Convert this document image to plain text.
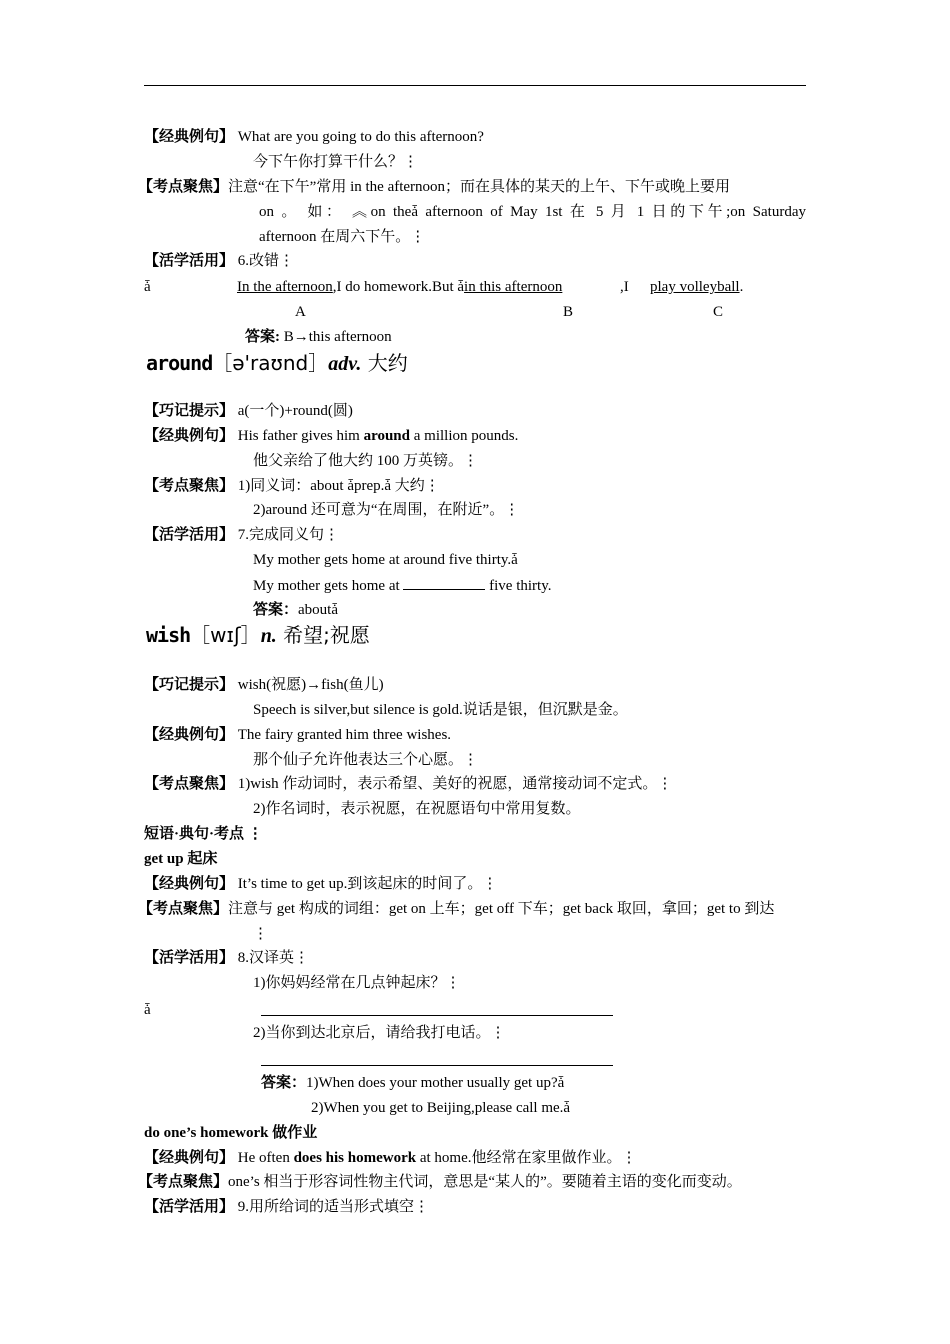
【经典例句】 What are you going to do this afternoon?
今下午你打算干什么？⋮
【考点聚焦】注意“在下午”常用 in the afternoon；而在具体的某天的上午、下午或晚上要用
on 。 如： ︽on theǡ afternoon of May 1st 在 5 月 1 日的下午;on Saturday
afternoon 在周六下午。⋮
【活学活用】 6.改错⋮
ǡ	In the afternoon,I do homework.But ǡin this afternoon	,I play volleyball.
A	B	C
答案: B→this afternoon
around［ə'raʊnd］adv. 大约
【巧记提示】 a(一个)+round(圆)
【经典例句】 His father gives him around a million pounds.
他父亲给了他大约 100 万英镑。⋮
【考点聚焦】 1)同义词：about ǡprep.ǡ 大约⋮
2)around 还可意为“在周围，在附近”。⋮
【活学活用】 7.完成同义句⋮
My mother gets home at around five thirty.ǡ
My mother gets home at	five thirty.
答案：aboutǡ
wish［wɪʃ］n. 希望;祝愿
【巧记提示】 wish(祝愿)→fish(鱼儿)
Speech is silver,but silence is gold.说话是银，但沉默是金。
【经典例句】 The fairy granted him three wishes.
那个仙子允许他表达三个心愿。⋮
【考点聚焦】 1)wish 作动词时，表示希望、美好的祝愿，通常接动词不定式。⋮
2)作名词时，表示祝愿，在祝愿语句中常用复数。
短语·典句·考点 ⋮
get up 起床
【经典例句】 It’s time to get up.到该起床的时间了。⋮
【考点聚焦】注意与 get 构成的词组：get on 上车；get off 下车；get back 取回，拿回；get to 到达
⋮
【活学活用】 8.汉译英⋮
1)你妈妈经常在几点钟起床？⋮
ǡ
2)当你到达北京后，请给我打电话。⋮
答案：1)When does your mother usually get up?ǡ
2)When you get to Beijing,please call me.ǡ
do one’s homework 做作业
【经典例句】 He often does his homework at home.他经常在家里做作业。⋮
【考点聚焦】one’s 相当于形容词性物主代词，意思是“某人的”。要随着主语的变化而变动。
【活学活用】 9.用所给词的适当形式填空⋮
